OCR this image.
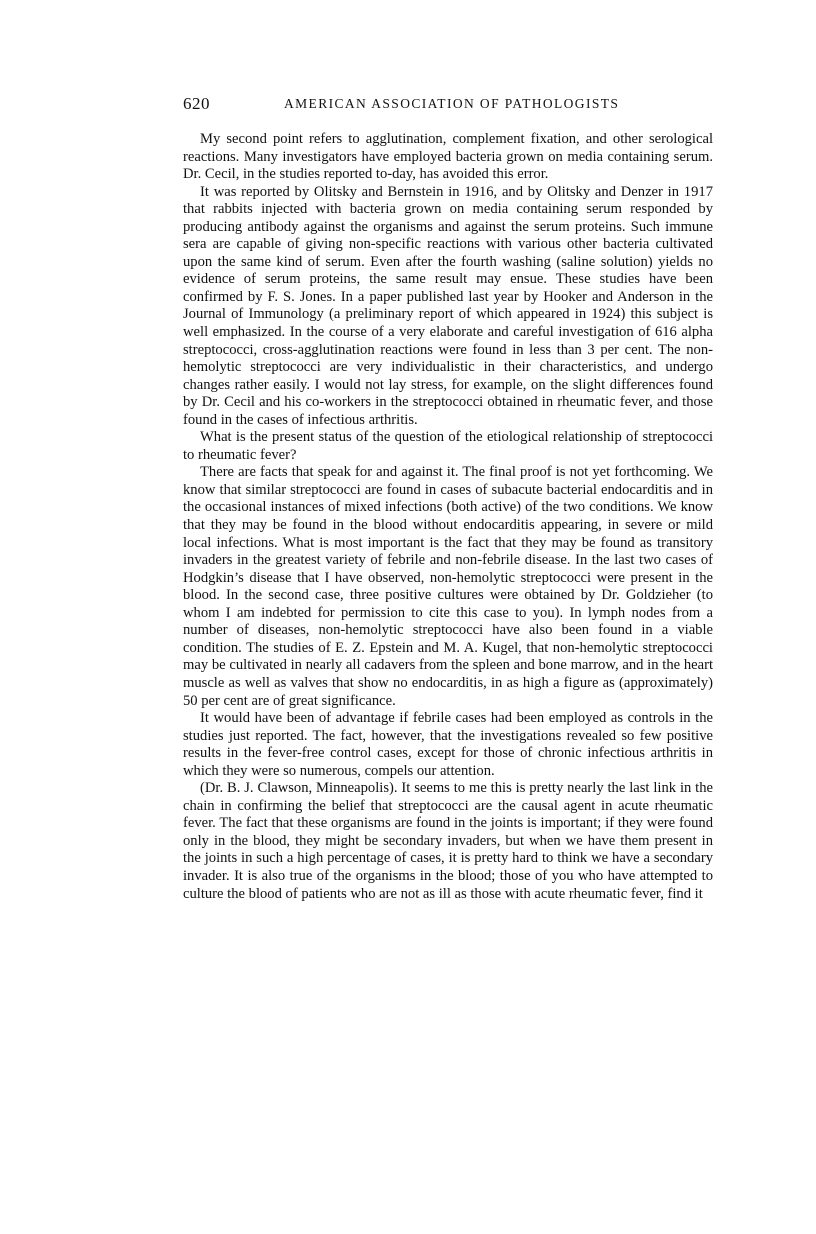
620	AMERICAN ASSOCIATION OF PATHOLOGISTS

My second point refers to agglutination, complement fixation, and other serological reactions. Many investigators have employed bacteria grown on media containing serum. Dr. Cecil, in the studies reported to-day, has avoided this error.

It was reported by Olitsky and Bernstein in 1916, and by Olitsky and Denzer in 1917 that rabbits injected with bacteria grown on media containing serum responded by producing antibody against the organisms and against the serum proteins. Such immune sera are capable of giving non-specific reactions with various other bacteria cultivated upon the same kind of serum. Even after the fourth washing (saline solution) yields no evidence of serum proteins, the same result may ensue. These studies have been confirmed by F. S. Jones. In a paper published last year by Hooker and Anderson in the Journal of Immunology (a preliminary report of which appeared in 1924) this subject is well emphasized. In the course of a very elaborate and careful investigation of 616 alpha streptococci, cross-agglutination reactions were found in less than 3 per cent. The non-hemolytic streptococci are very individualistic in their characteristics, and undergo changes rather easily. I would not lay stress, for example, on the slight differences found by Dr. Cecil and his co-workers in the streptococci obtained in rheumatic fever, and those found in the cases of infectious arthritis.

What is the present status of the question of the etiological relationship of streptococci to rheumatic fever?

There are facts that speak for and against it. The final proof is not yet forthcoming. We know that similar streptococci are found in cases of subacute bacterial endocarditis and in the occasional instances of mixed infections (both active) of the two conditions. We know that they may be found in the blood without endocarditis appearing, in severe or mild local infections. What is most important is the fact that they may be found as transitory invaders in the greatest variety of febrile and non-febrile disease. In the last two cases of Hodgkin’s disease that I have observed, non-hemolytic streptococci were present in the blood. In the second case, three positive cultures were obtained by Dr. Goldzieher (to whom I am indebted for permission to cite this case to you). In lymph nodes from a number of diseases, non-hemolytic streptococci have also been found in a viable condition. The studies of E. Z. Epstein and M. A. Kugel, that non-hemolytic streptococci may be cultivated in nearly all cadavers from the spleen and bone marrow, and in the heart muscle as well as valves that show no endocarditis, in as high a figure as (approximately) 50 per cent are of great significance.

It would have been of advantage if febrile cases had been employed as controls in the studies just reported. The fact, however, that the investigations revealed so few positive results in the fever-free control cases, except for those of chronic infectious arthritis in which they were so numerous, compels our attention.

(Dr. B. J. Clawson, Minneapolis). It seems to me this is pretty nearly the last link in the chain in confirming the belief that streptococci are the causal agent in acute rheumatic fever. The fact that these organisms are found in the joints is important; if they were found only in the blood, they might be secondary invaders, but when we have them present in the joints in such a high percentage of cases, it is pretty hard to think we have a secondary invader. It is also true of the organisms in the blood; those of you who have attempted to culture the blood of patients who are not as ill as those with acute rheumatic fever, find it
